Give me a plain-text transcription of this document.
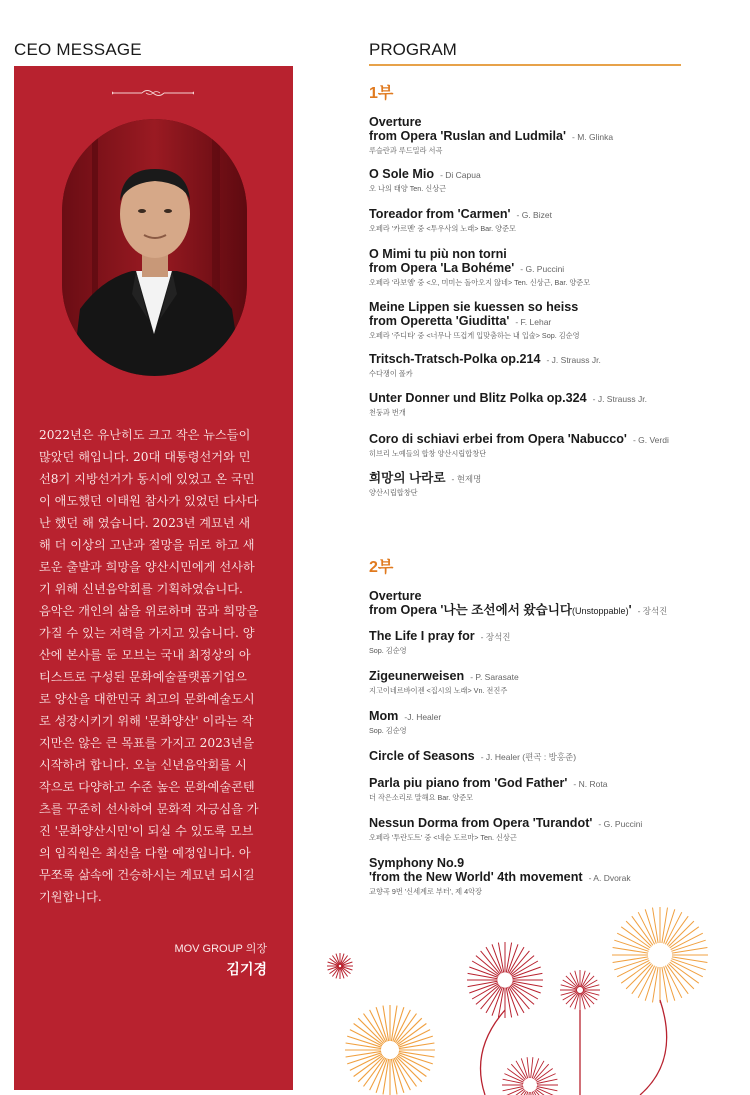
CEO MESSAGE

2022년은 유난히도 크고 작은 뉴스들이
많았던 해입니다. 20대 대통령선거와 민
선8기 지방선거가 동시에 있었고 온 국민
이 애도했던 이태원 참사가 있었던 다사다
난 했던 해 였습니다. 2023년 계묘년 새
해 더 이상의 고난과 절망을 뒤로 하고 새
로운 출발과 희망을 양산시민에게 선사하
기 위해 신년음악회를 기획하였습니다.
음악은 개인의 삶을 위로하며 꿈과 희망을
가질 수 있는 저력을 가지고 있습니다. 양
산에 본사를 둔 모브는 국내 최정상의 아
티스트로 구성된 문화예술플랫폼기업으
로 양산을 대한민국 최고의 문화예술도시
로 성장시키기 위해 '문화양산' 이라는 작
지만은 않은 큰 목표를 가지고 2023년을
시작하려 합니다. 오늘 신년음악회를 시
작으로 다양하고 수준 높은 문화예술콘텐
츠를 꾸준히 선사하여 문화적 자긍심을 가
진 '문화양산시민'이 되실 수 있도록 모브
의 임직원은 최선을 다할 예정입니다. 아
무쪼록 삶속에 건승하시는 계묘년 되시길
기원합니다.

MOV GROUP 의장
김기경
PROGRAM
1부
Overture
from Opera 'Ruslan and Ludmila' - M. Glinka
루슬란과 루드밀라 서곡
O Sole Mio - Di Capua
오 나의 태양 Ten. 신상근
Toreador from 'Carmen' - G. Bizet
오페라 '카르멘' 중 <투우사의 노래> Bar. 양준모
O Mimi tu più non torni
from Opera 'La Bohéme' - G. Puccini
오페라 '라보엠' 중 <오, 미미는 돌아오지 않네> Ten. 신상근, Bar. 양준모
Meine Lippen sie kuessen so heiss
from Operetta 'Giuditta' - F. Lehar
오페라 '주디타' 중 <너무나 뜨겁게 입맞춤하는 내 입술> Sop. 김순영
Tritsch-Tratsch-Polka op.214 - J. Strauss Jr.
수다쟁이 폴카
Unter Donner und Blitz Polka op.324 - J. Strauss Jr.
천둥과 번개
Coro di schiavi erbei from Opera 'Nabucco' - G. Verdi
히브리 노예들의 합창 양산시립합창단
희망의 나라로 - 현제명
양산시립합창단
2부
Overture
from Opera '나는 조선에서 왔습니다(Unstoppable)' - 장석진
The Life I pray for - 장석진
Sop. 김순영
Zigeunerweisen - P. Sarasate
지고이네르바이젠 <집시의 노래> Vn. 전진주
Mom -J. Healer
Sop. 김순영
Circle of Seasons - J. Healer (편곡 : 방홍준)
Parla piu piano from 'God Father' - N. Rota
더 작은소리로 말해요 Bar. 양준모
Nessun Dorma from Opera 'Turandot' - G. Puccini
오페라 '투란도트' 중 <네순 도르마> Ten. 신상근
Symphony No.9
'from the New World' 4th movement - A. Dvorak
교향곡 9번 '신세계로 부터', 제 4악장
